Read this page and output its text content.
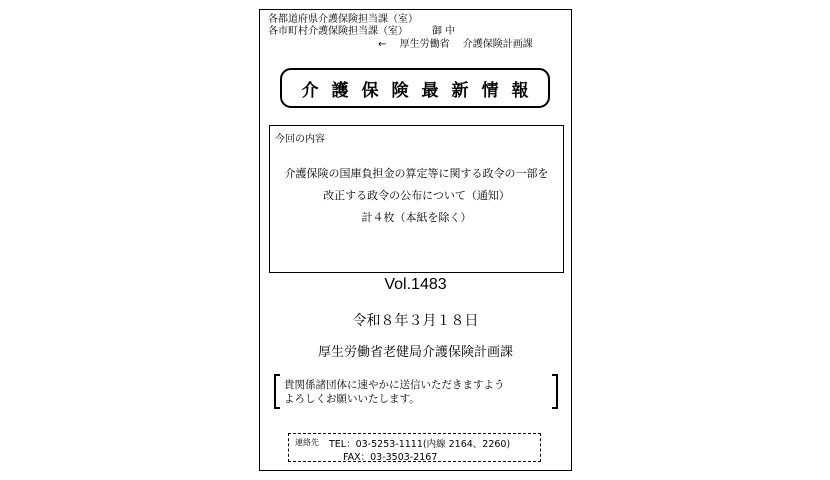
各都道府県介護保険担当課（室）
各市町村介護保険担当課（室） 御 中
← 厚生労働省 介護保険計画課
介護保険最新情報
今回の内容
介護保険の国庫負担金の算定等に関する政令の一部を
改正する政令の公布について（通知）
計４枚（本紙を除く）
Vol.1483
令和８年３月１８日
厚生労働省老健局介護保険計画課
貴関係諸団体に速やかに送信いただきますよう
よろしくお願いいたします。
連絡先 TEL：03-5253-1111(内線 2164、2260)
FAX：03-3503-2167
